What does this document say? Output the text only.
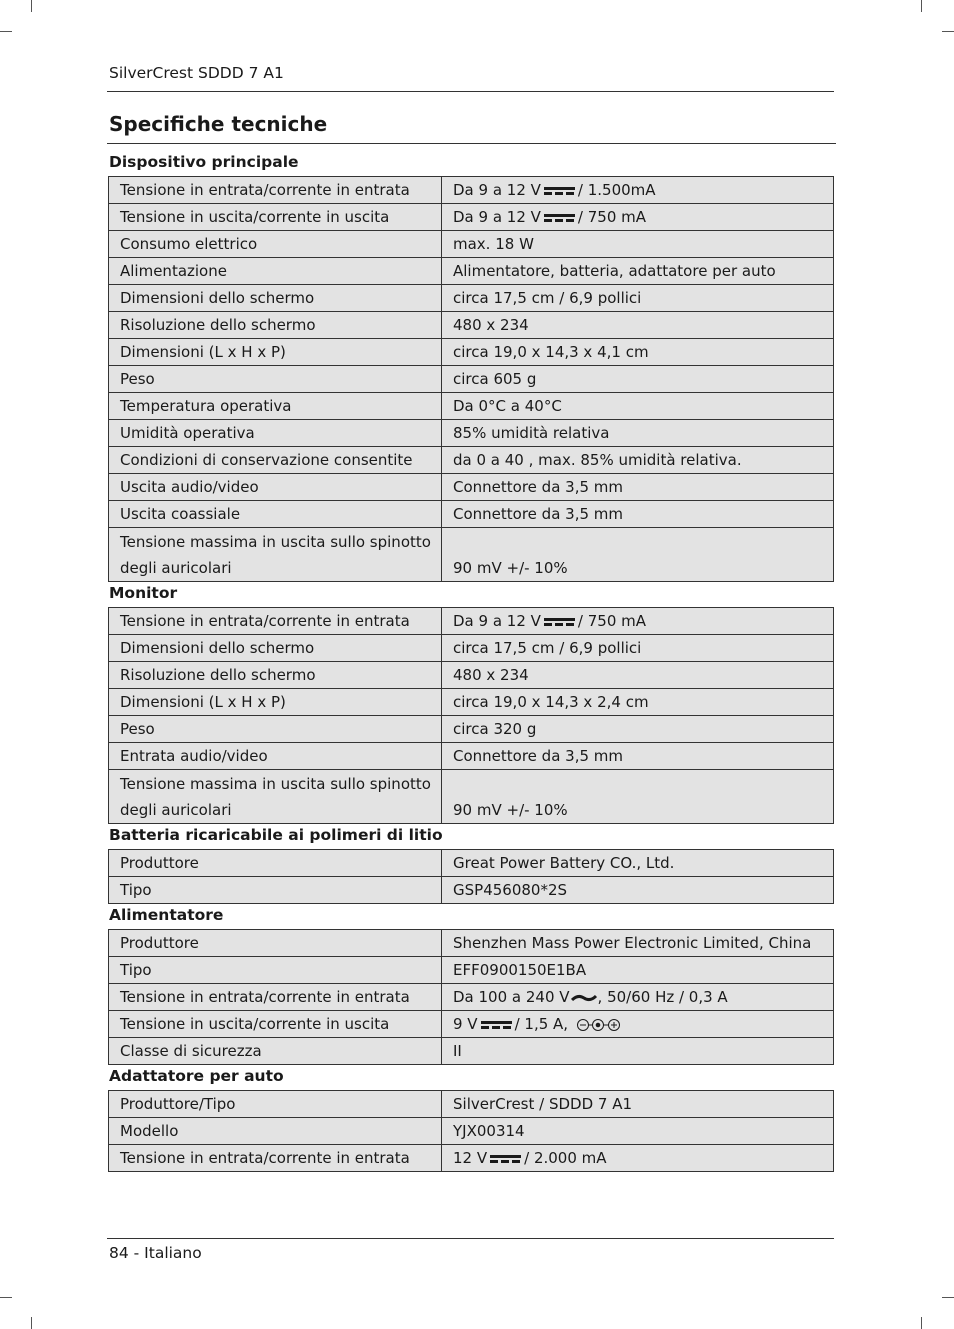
SilverCrest SDDD 7 A1
Specifiche tecniche
Dispositivo principale
Tensione in entrata/corrente in entrata	Da 9 a 12 V / 1.500mA
Tensione in uscita/corrente in uscita	Da 9 a 12 V / 750 mA
Consumo elettrico	max. 18 W
Alimentazione	Alimentatore, batteria, adattatore per auto
Dimensioni dello schermo	circa 17,5 cm / 6,9 pollici
Risoluzione dello schermo	480 x 234
Dimensioni (L x H x P)	circa 19,0 x 14,3 x 4,1 cm
Peso	circa 605 g
Temperatura operativa	Da 0°C a 40°C
Umidità operativa	85% umidità relativa
Condizioni di conservazione consentite	da 0 a 40 , max. 85% umidità relativa.
Uscita audio/video	Connettore da 3,5 mm
Uscita coassiale	Connettore da 3,5 mm
Tensione massima in uscita sullo spinotto degli auricolari	90 mV +/- 10%
Monitor
Tensione in entrata/corrente in entrata	Da 9 a 12 V / 750 mA
Dimensioni dello schermo	circa 17,5 cm / 6,9 pollici
Risoluzione dello schermo	480 x 234
Dimensioni (L x H x P)	circa 19,0 x 14,3 x 2,4 cm
Peso	circa 320 g
Entrata audio/video	Connettore da 3,5 mm
Tensione massima in uscita sullo spinotto degli auricolari	90 mV +/- 10%
Batteria ricaricabile ai polimeri di litio
Produttore	Great Power Battery CO., Ltd.
Tipo	GSP456080*2S
Alimentatore
Produttore	Shenzhen Mass Power Electronic Limited, China
Tipo	EFF0900150E1BA
Tensione in entrata/corrente in entrata	Da 100 a 240 V , 50/60 Hz / 0,3 A
Tensione in uscita/corrente in uscita	9 V / 1,5 A,
Classe di sicurezza	II
Adattatore per auto
Produttore/Tipo	SilverCrest / SDDD 7 A1
Modello	YJX00314
Tensione in entrata/corrente in entrata	12 V / 2.000 mA
84 - Italiano
